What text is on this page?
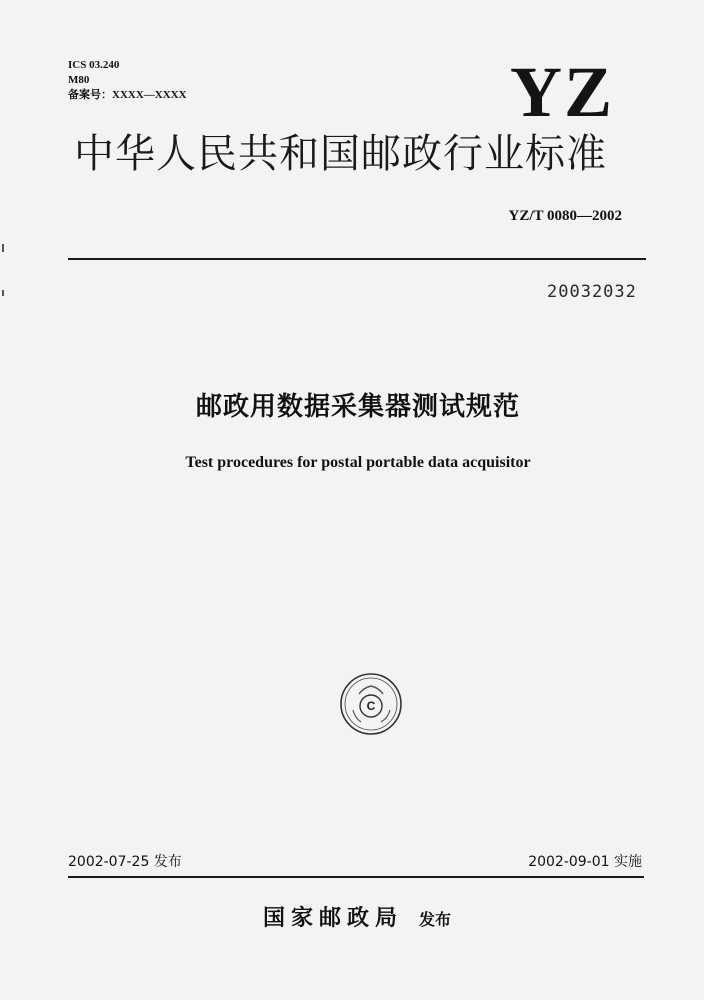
ICS 03.240
M80
备案号：XXXX—XXXX	YZ
中华人民共和国邮政行业标准
YZ/T 0080—2002
20032032
邮政用数据采集器测试规范
Test procedures for postal portable data acquisitor
C
2002-07-25 发布	2002-09-01 实施
国家邮政局 发布
